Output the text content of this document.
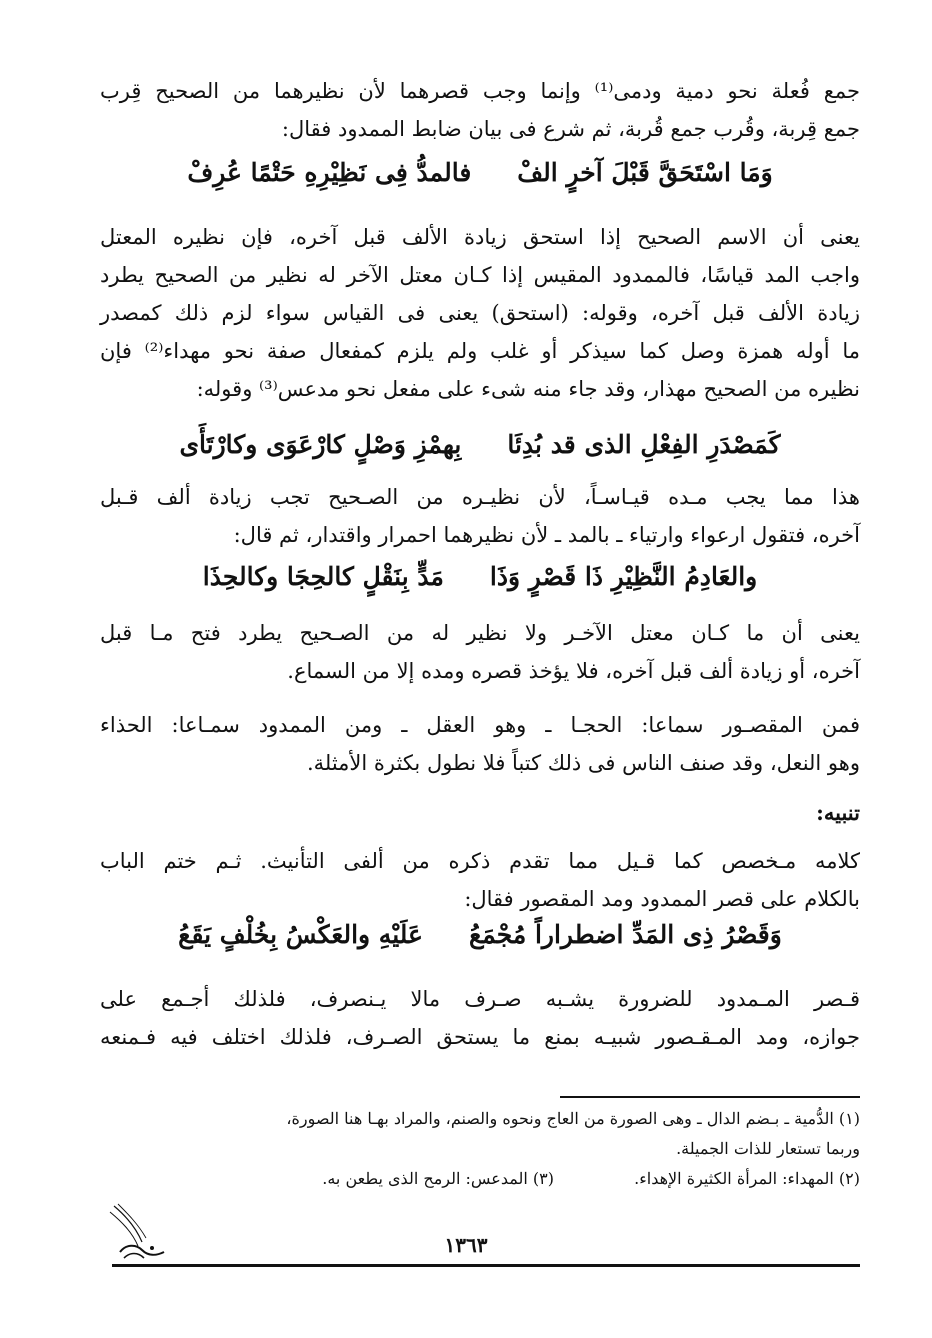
جمع فُعلة نحو دمية ودمى⁽¹⁾ وإنما وجب قصرهما لأن نظيرهما من الصحيح قِرب
جمع قِربة، وقُرب جمع قُربة، ثم شرع فى بيان ضابط الممدود فقال:
وَمَا اسْتَحَقَّ قَبْلَ آخرٍ الفْ
فالمدُّ فِى نَظِيْرِهِ حَتْمًا عُرِفْ
يعنى أن الاسم الصحيح إذا استحق زيادة الألف قبل آخره، فإن نظيره المعتل
واجب المد قياسًا، فالممدود المقيس إذا كـان معتل الآخر له نظير من الصحيح يطرد
زيادة الألف قبل آخره، وقوله: (استحق) يعنى فى القياس سواء لزم ذلك كمصدر
ما أوله همزة وصل كما سيذكر أو غلب ولم يلزم كمفعال صفة نحو مهداء⁽²⁾ فإن
نظيره من الصحيح مهذار، وقد جاء منه شىء على مفعل نحو مدعس⁽³⁾ وقوله:
كَمَصْدَرِ الفِعْلِ الذى قد بُدِئَا
بِهمْزِ وَصْلٍ كارْعَوَى وكارْتَأَى
هذا مما يجب مـده قيـاسـاً، لأن نظيـره من الصـحيح تجب زيادة ألف قـبل
آخره، فتقول ارعواء وارتياء ـ بالمد ـ لأن نظيرهما احمرار واقتدار، ثم قال:
والعَادِمُ النَّظِيْرِ ذَا قَصْرٍ وَذَا
مَدٍّ بِنَقْلٍ كالحِجَا وكالحِذَا
يعنى أن ما كـان معتل الآخـر ولا نظير له من الصـحيح يطرد فتح مـا قبل
آخره، أو زيادة ألف قبل آخره، فلا يؤخذ قصره ومده إلا من السماع.
فمن المقصـور سماعا: الحجـا ـ وهو العقل ـ ومن الممدود سمـاعا: الحذاء
وهو النعل، وقد صنف الناس فى ذلك كتباً فلا نطول بكثرة الأمثلة.
تنبيه:
كلامه مـخصص كما قـيل مما تقدم ذكره من ألفى التأنيث. ثـم ختم الباب
بالكلام على قصر الممدود ومد المقصور فقال:
وَقَصْرُ ذِى المَدِّ اضطراراً مُجْمَعُ
عَلَيْهِ والعَكْسُ بِخُلْفٍ يَقَعُ
قـصر المـمدود للضرورة يشـبه صـرف مالا يـنصرف، فلذلك أجـمع على
جوازه، ومد المـقـصور شبيـه بمنع ما يستحق الصـرف، فلذلك اختلف فيه فـمنعه
(١) الدُّمية ـ بـضم الدال ـ وهى الصورة من العاج ونحوه والصنم، والمراد بهـا هنا الصورة،
وربما تستعار للذات الجميلة.
(٢) المهداء: المرأة الكثيرة الإهداء.  (٣) المدعس: الرمح الذى يطعن به.
١٣٦٣
